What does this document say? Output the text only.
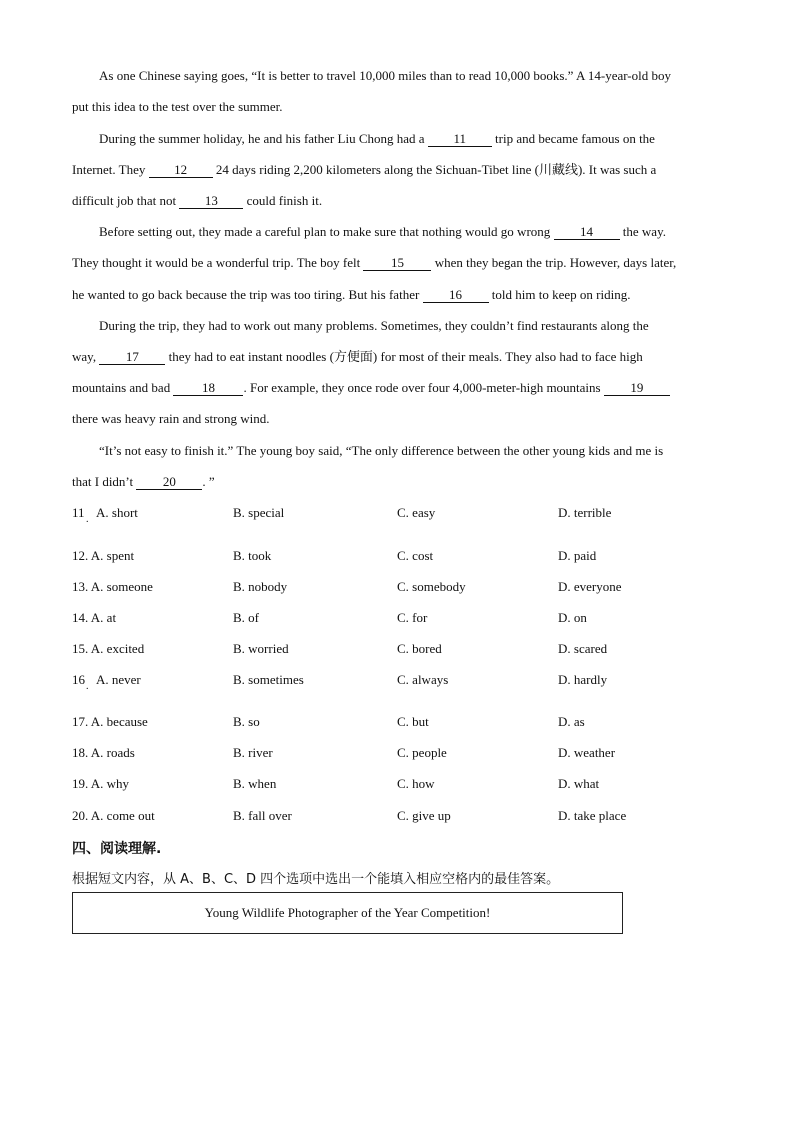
As one Chinese saying goes, “It is better to travel 10,000 miles than to read 10,000 books.” A 14-year-old boy
put this idea to the test over the summer.
During the summer holiday, he and his father Liu Chong had a 11 trip and became famous on the
Internet. They 12 24 days riding 2,200 kilometers along the Sichuan-Tibet line (川藏线). It was such a
difficult job that not 13 could finish it.
Before setting out, they made a careful plan to make sure that nothing would go wrong 14 the way.
They thought it would be a wonderful trip. The boy felt 15 when they began the trip. However, days later,
he wanted to go back because the trip was too tiring. But his father 16 told him to keep on riding.
During the trip, they had to work out many problems. Sometimes, they couldn’t find restaurants along the
way, 17 they had to eat instant noodles (方便面) for most of their meals. They also had to face high
mountains and bad 18 . For example, they once rode over four 4,000-meter-high mountains 19
there was heavy rain and strong wind.
“It’s not easy to finish it.” The young boy said, “The only difference between the other young kids and me is
that I didn’t 20 . ”
11 . A. short	B. special	C. easy	D. terrible
12. A. spent	B. took	C. cost	D. paid
13. A. someone	B. nobody	C. somebody	D. everyone
14. A. at	B. of	C. for	D. on
15. A. excited	B. worried	C. bored	D. scared
16 . A. never	B. sometimes	C. always	D. hardly
17. A. because	B. so	C. but	D. as
18. A. roads	B. river	C. people	D. weather
19. A. why	B. when	C. how	D. what
20. A. come out	B. fall over	C. give up	D. take place
四、阅读理解.
根据短文内容，从 A、B、C、D 四个选项中选出一个能填入相应空格内的最佳答案。
Young Wildlife Photographer of the Year Competition!
